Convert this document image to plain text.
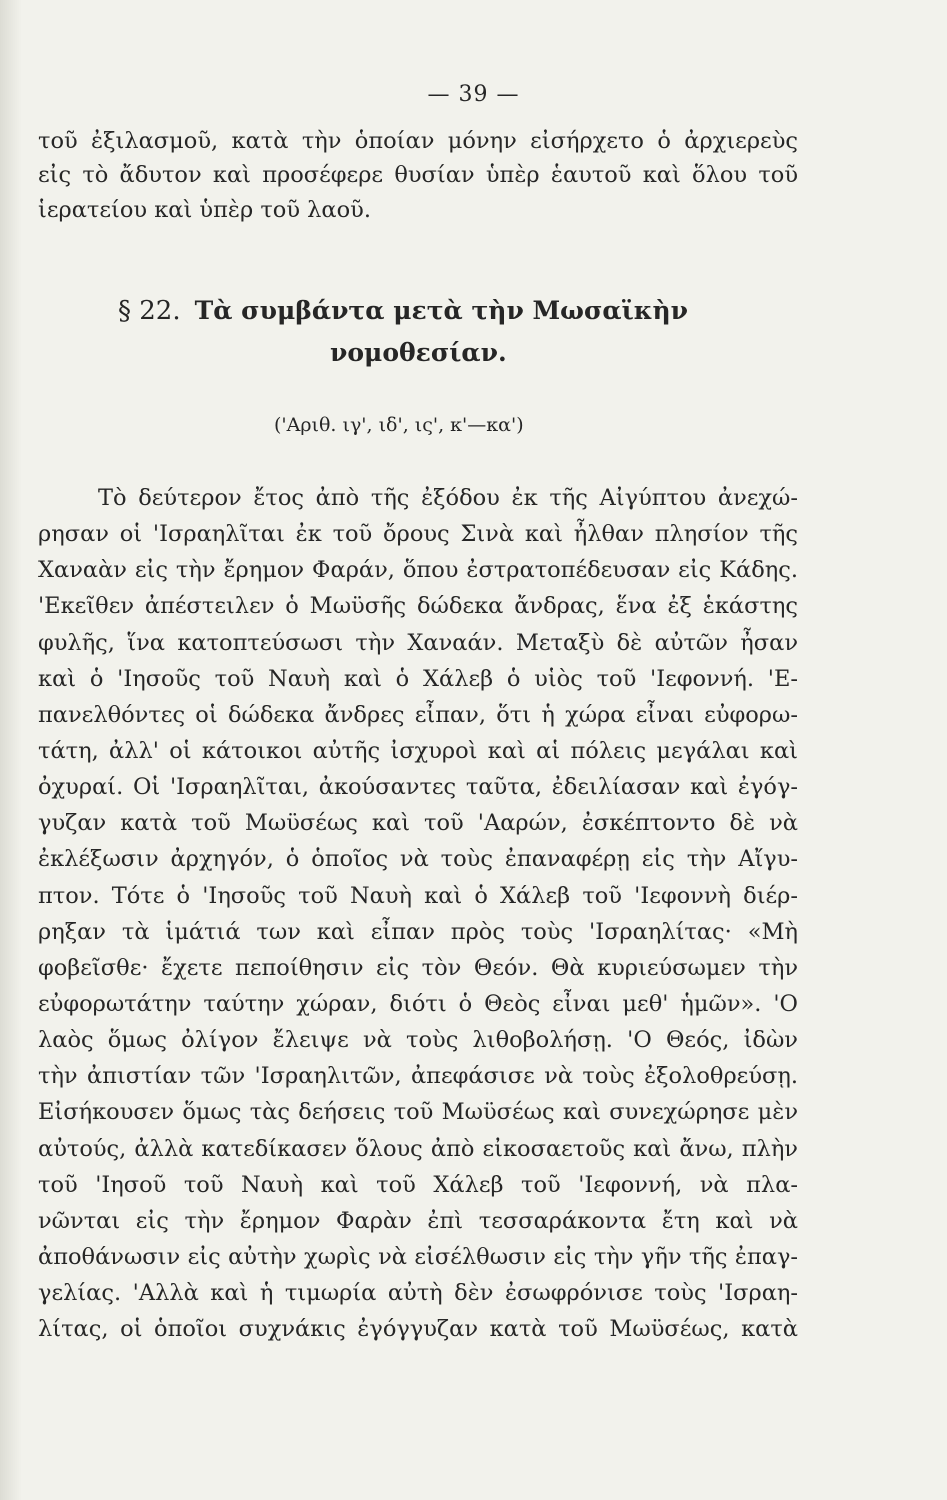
— 39 —
τοῦ ἐξιλασμοῦ, κατὰ τὴν ὁποίαν μόνην εἰσήρχετο ὁ ἀρχιερεὺς
εἰς τὸ ἄδυτον καὶ προσέφερε θυσίαν ὑπὲρ ἑαυτοῦ καὶ ὅλου τοῦ
ἱερατείου καὶ ὑπὲρ τοῦ λαοῦ.
§ 22. Τὰ συμβάντα μετὰ τὴν Μωσαϊκὴν
νομοθεσίαν.
('Αριθ. ιγ', ιδ', ις', κ'—κα')
Τὸ δεύτερον ἔτος ἀπὸ τῆς ἐξόδου ἐκ τῆς Αἰγύπτου ἀνεχώ-
ρησαν οἱ 'Ισραηλῖται ἐκ τοῦ ὄρους Σινὰ καὶ ἦλθαν πλησίον τῆς
Χαναὰν εἰς τὴν ἔρημον Φαράν, ὅπου ἐστρατοπέδευσαν εἰς Κάδης.
'Εκεῖθεν ἀπέστειλεν ὁ Μωϋσῆς δώδεκα ἄνδρας, ἕνα ἐξ ἑκάστης
φυλῆς, ἵνα κατοπτεύσωσι τὴν Χαναάν. Μεταξὺ δὲ αὐτῶν ἦσαν
καὶ ὁ 'Ιησοῦς τοῦ Ναυὴ καὶ ὁ Χάλεβ ὁ υἱὸς τοῦ 'Ιεφοννή. 'Ε-
πανελθόντες οἱ δώδεκα ἄνδρες εἶπαν, ὅτι ἡ χώρα εἶναι εὐφορω-
τάτη, ἀλλ' οἱ κάτοικοι αὐτῆς ἰσχυροὶ καὶ αἱ πόλεις μεγάλαι καὶ
ὀχυραί. Οἱ 'Ισραηλῖται, ἀκούσαντες ταῦτα, ἐδειλίασαν καὶ ἐγόγ-
γυζαν κατὰ τοῦ Μωϋσέως καὶ τοῦ 'Ααρών, ἐσκέπτοντο δὲ νὰ
ἐκλέξωσιν ἀρχηγόν, ὁ ὁποῖος νὰ τοὺς ἐπαναφέρῃ εἰς τὴν Αἴγυ-
πτον. Τότε ὁ 'Ιησοῦς τοῦ Ναυὴ καὶ ὁ Χάλεβ τοῦ 'Ιεφοννὴ διέρ-
ρηξαν τὰ ἱμάτιά των καὶ εἶπαν πρὸς τοὺς 'Ισραηλίτας· «Μὴ
φοβεῖσθε· ἔχετε πεποίθησιν εἰς τὸν Θεόν. Θὰ κυριεύσωμεν τὴν
εὐφορωτάτην ταύτην χώραν, διότι ὁ Θεὸς εἶναι μεθ' ἡμῶν». 'Ο
λαὸς ὅμως ὀλίγον ἔλειψε νὰ τοὺς λιθοβολήσῃ. 'Ο Θεός, ἰδὼν
τὴν ἀπιστίαν τῶν 'Ισραηλιτῶν, ἀπεφάσισε νὰ τοὺς ἐξολοθρεύσῃ.
Εἰσήκουσεν ὅμως τὰς δεήσεις τοῦ Μωϋσέως καὶ συνεχώρησε μὲν
αὐτούς, ἀλλὰ κατεδίκασεν ὅλους ἀπὸ εἰκοσαετοῦς καὶ ἄνω, πλὴν
τοῦ 'Ιησοῦ τοῦ Ναυὴ καὶ τοῦ Χάλεβ τοῦ 'Ιεφοννή, νὰ πλα-
νῶνται εἰς τὴν ἔρημον Φαρὰν ἐπὶ τεσσαράκοντα ἔτη καὶ νὰ
ἀποθάνωσιν εἰς αὐτὴν χωρὶς νὰ εἰσέλθωσιν εἰς τὴν γῆν τῆς ἐπαγ-
γελίας. 'Αλλὰ καὶ ἡ τιμωρία αὐτὴ δὲν ἐσωφρόνισε τοὺς 'Ισραη-
λίτας, οἱ ὁποῖοι συχνάκις ἐγόγγυζαν κατὰ τοῦ Μωϋσέως, κατὰ
